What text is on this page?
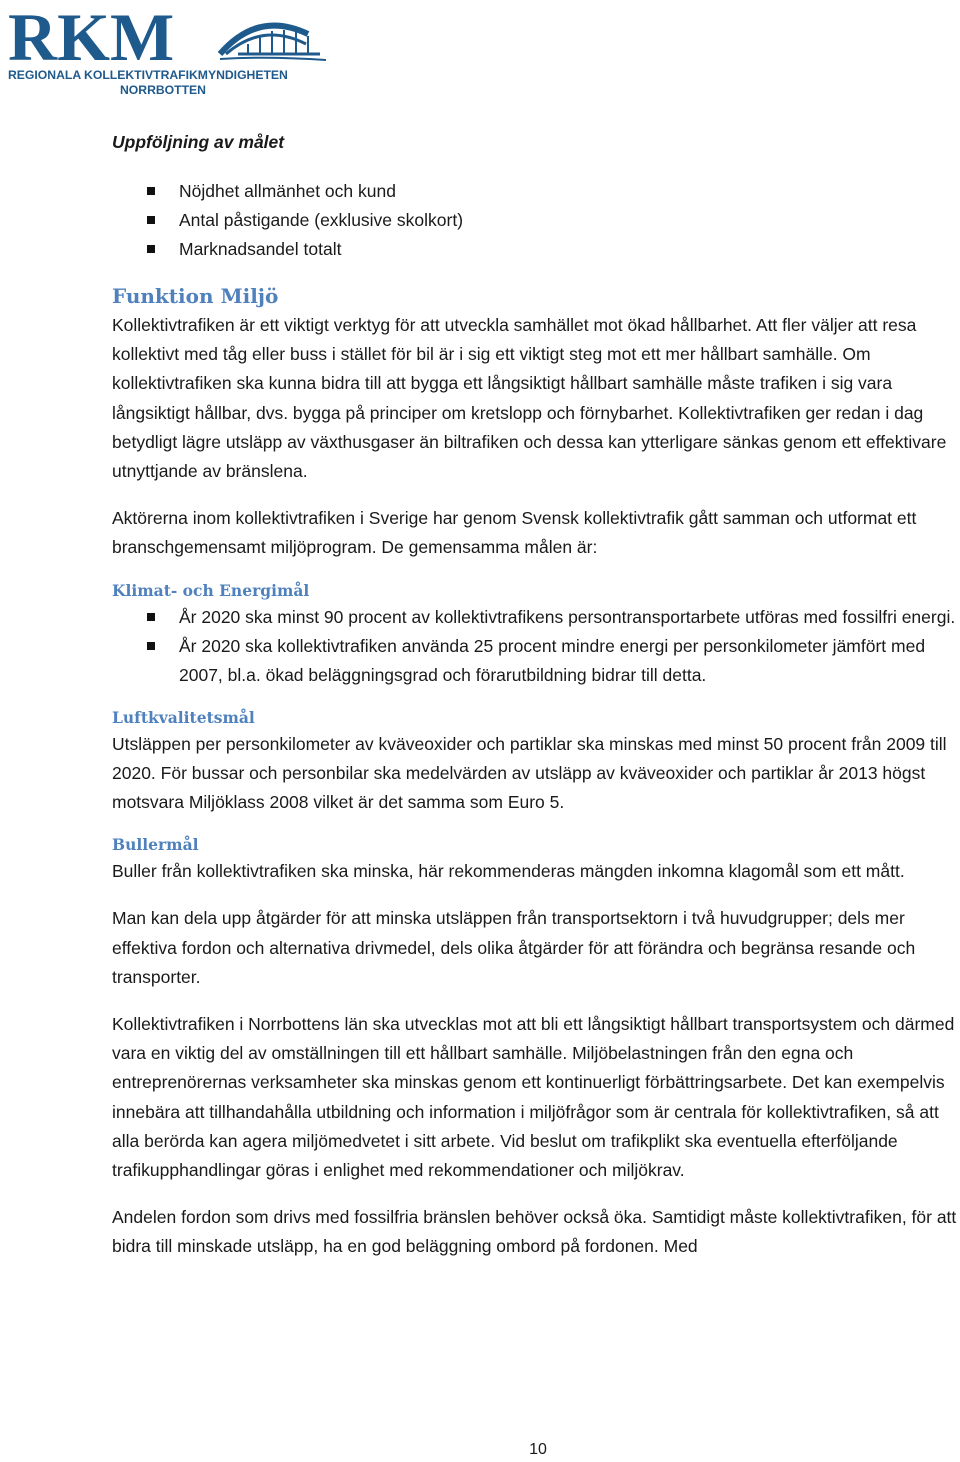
RKM
REGIONALA KOLLEKTIVTRAFIKMYNDIGHETEN
NORRBOTTEN

Uppföljning av målet

Nöjdhet allmänhet och kund
Antal påstigande (exklusive skolkort)
Marknadsandel totalt
Funktion Miljö

Kollektivtrafiken är ett viktigt verktyg för att utveckla samhället mot ökad hållbarhet. Att fler väljer att resa kollektivt med tåg eller buss i stället för bil är i sig ett viktigt steg mot ett mer hållbart samhälle. Om kollektivtrafiken ska kunna bidra till att bygga ett långsiktigt hållbart samhälle måste trafiken i sig vara långsiktigt hållbar, dvs. bygga på principer om kretslopp och förnybarhet. Kollektivtrafiken ger redan i dag betydligt lägre utsläpp av växthusgaser än biltrafiken och dessa kan ytterligare sänkas genom ett effektivare utnyttjande av bränslena.

Aktörerna inom kollektivtrafiken i Sverige har genom Svensk kollektivtrafik gått samman och utformat ett branschgemensamt miljöprogram. De gemensamma målen är:

Klimat- och Energimål
År 2020 ska minst 90 procent av kollektivtrafikens persontransportarbete utföras med fossilfri energi.
År 2020 ska kollektivtrafiken använda 25 procent mindre energi per personkilometer jämfört med 2007, bl.a. ökad beläggningsgrad och förarutbildning bidrar till detta.
Luftkvalitetsmål

Utsläppen per personkilometer av kväveoxider och partiklar ska minskas med minst 50 procent från 2009 till 2020. För bussar och personbilar ska medelvärden av utsläpp av kväveoxider och partiklar år 2013 högst motsvara Miljöklass 2008 vilket är det samma som Euro 5.

Bullermål

Buller från kollektivtrafiken ska minska, här rekommenderas mängden inkomna klagomål som ett mått.

Man kan dela upp åtgärder för att minska utsläppen från transportsektorn i två huvudgrupper; dels mer effektiva fordon och alternativa drivmedel, dels olika åtgärder för att förändra och begränsa resande och transporter.

Kollektivtrafiken i Norrbottens län ska utvecklas mot att bli ett långsiktigt hållbart transportsystem och därmed vara en viktig del av omställningen till ett hållbart samhälle. Miljöbelastningen från den egna och entreprenörernas verksamheter ska minskas genom ett kontinuerligt förbättringsarbete. Det kan exempelvis innebära att tillhandahålla utbildning och information i miljöfrågor som är centrala för kollektivtrafiken, så att alla berörda kan agera miljömedvetet i sitt arbete. Vid beslut om trafikplikt ska eventuella efterföljande trafikupphandlingar göras i enlighet med rekommendationer och miljökrav.

Andelen fordon som drivs med fossilfria bränslen behöver också öka. Samtidigt måste kollektivtrafiken, för att bidra till minskade utsläpp, ha en god beläggning ombord på fordonen. Med

10
